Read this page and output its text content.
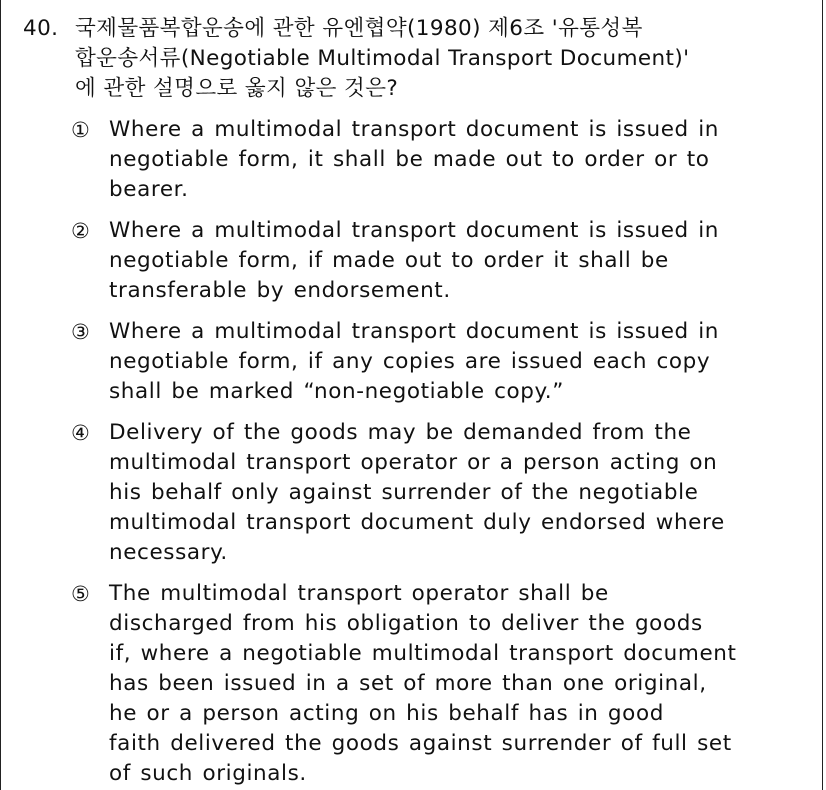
40. 국제물품복합운송에 관한 유엔협약(1980) 제6조 '유통성복
합운송서류(Negotiable Multimodal Transport Document)'
에 관한 설명으로 옳지 않은 것은?
① Where a multimodal transport document is issued in
negotiable form, it shall be made out to order or to
bearer.
② Where a multimodal transport document is issued in
negotiable form, if made out to order it shall be
transferable by endorsement.
③ Where a multimodal transport document is issued in
negotiable form, if any copies are issued each copy
shall be marked “non-negotiable copy.”
④ Delivery of the goods may be demanded from the
multimodal transport operator or a person acting on
his behalf only against surrender of the negotiable
multimodal transport document duly endorsed where
necessary.
⑤ The multimodal transport operator shall be
discharged from his obligation to deliver the goods
if, where a negotiable multimodal transport document
has been issued in a set of more than one original,
he or a person acting on his behalf has in good
faith delivered the goods against surrender of full set
of such originals.
